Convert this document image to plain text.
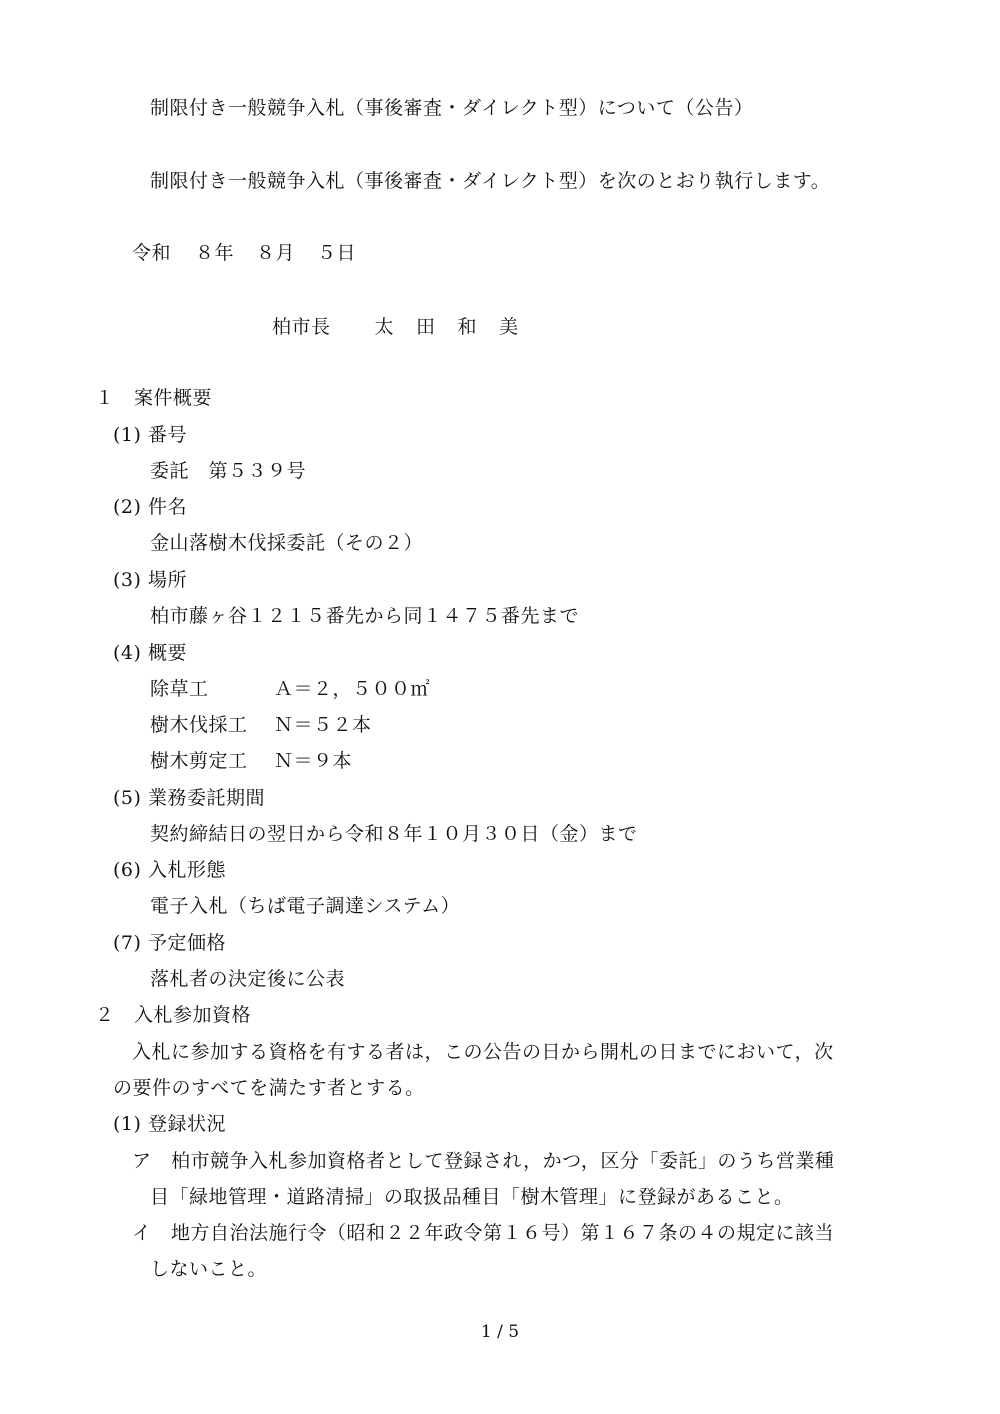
制限付き一般競争入札（事後審査・ダイレクト型）について（公告）
制限付き一般競争入札（事後審査・ダイレクト型）を次のとおり執行します。
令和 ８年 ８月 ５日
柏市長 太 田 和 美
１　案件概要
(1) 番号
委託　第５３９号
(2) 件名
金山落樹木伐採委託（その２）
(3) 場所
柏市藤ヶ谷１２１５番先から同１４７５番先まで
(4) 概要
除草工	Ａ＝２，５００㎡
樹木伐採工 Ｎ＝５２本
樹木剪定工 Ｎ＝９本
(5) 業務委託期間
契約締結日の翌日から令和８年１０月３０日（金）まで
(6) 入札形態
電子入札（ちば電子調達システム）
(7) 予定価格
落札者の決定後に公表
２　入札参加資格
入札に参加する資格を有する者は，この公告の日から開札の日までにおいて，次
の要件のすべてを満たす者とする。
(1) 登録状況
ア　柏市競争入札参加資格者として登録され，かつ，区分「委託」のうち営業種
目「緑地管理・道路清掃」の取扱品種目「樹木管理」に登録があること。
イ　地方自治法施行令（昭和２２年政令第１６号）第１６７条の４の規定に該当
しないこと。
1 / 5
